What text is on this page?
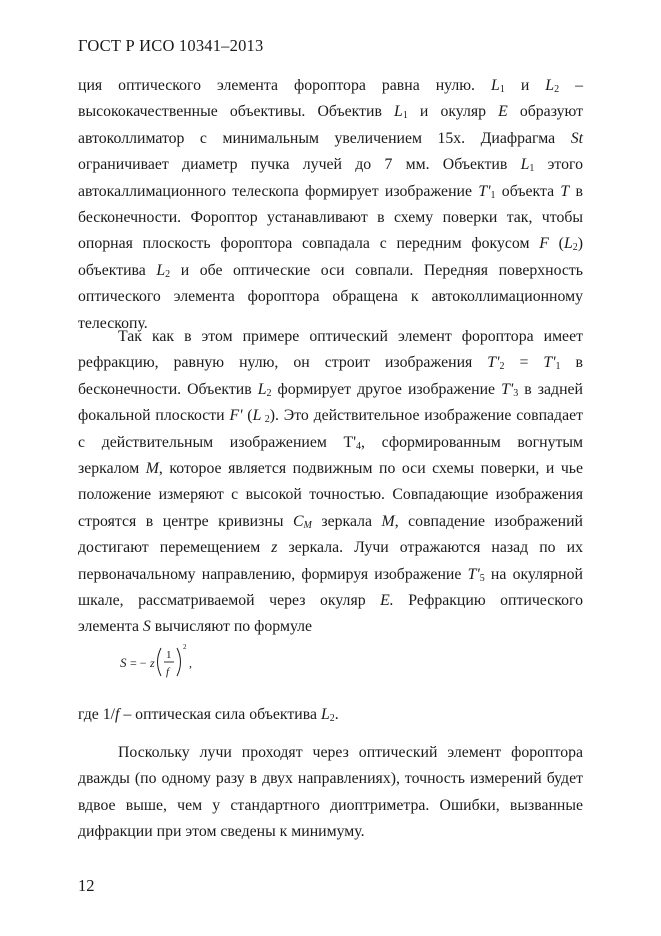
ГОСТ Р ИСО 10341–2013

ция оптического элемента фороптора равна нулю. $L_1$ и $L_2$ – высококачественные объективы. Объектив $L_1$ и окуляр E образуют автоколлиматор с минимальным увеличением 15x. Диафрагма St ограничивает диаметр пучка лучей до 7 мм. Объектив $L_1$ этого автокаллимационного телескопа формирует изображение $T'_1$ объекта T в бесконечности. Фороптор устанавливают в схему поверки так, чтобы опорная плоскость фороптора совпадала с передним фокусом F $(L_2)$ объектива $L_2$ и обе оптические оси совпали. Передняя поверхность оптического элемента фороптора обращена к автоколлимационному телескопу.

Так как в этом примере оптический элемент фороптора имеет рефракцию, равную нулю, он строит изображения $T'_2 = T'_1$ в бесконечности. Объектив $L_2$ формирует другое изображение $T'_3$ в задней фокальной плоскости F' (L $_2$). Это действительное изображение совпадает с действительным изображением $T'_4$, сформированным вогнутым зеркалом M, которое является подвижным по оси схемы поверки, и чье положение измеряют с высокой точностью. Совпадающие изображения строятся в центре кривизны $C_M$ зеркала M, совпадение изображений достигают перемещением z зеркала. Лучи отражаются назад по их первоначальному направлению, формируя изображение $T'_5$ на окулярной шкале, рассматриваемой через окуляр E. Рефракцию оптического элемента S вычисляют по формуле

S = − z
1
f
2
,

где 1/f – оптическая сила объектива $L_2$.

Поскольку лучи проходят через оптический элемент фороптора дважды (по одному разу в двух направлениях), точность измерений будет вдвое выше, чем у стандартного диоптриметра. Ошибки, вызванные дифракции при этом сведены к минимуму.

12
